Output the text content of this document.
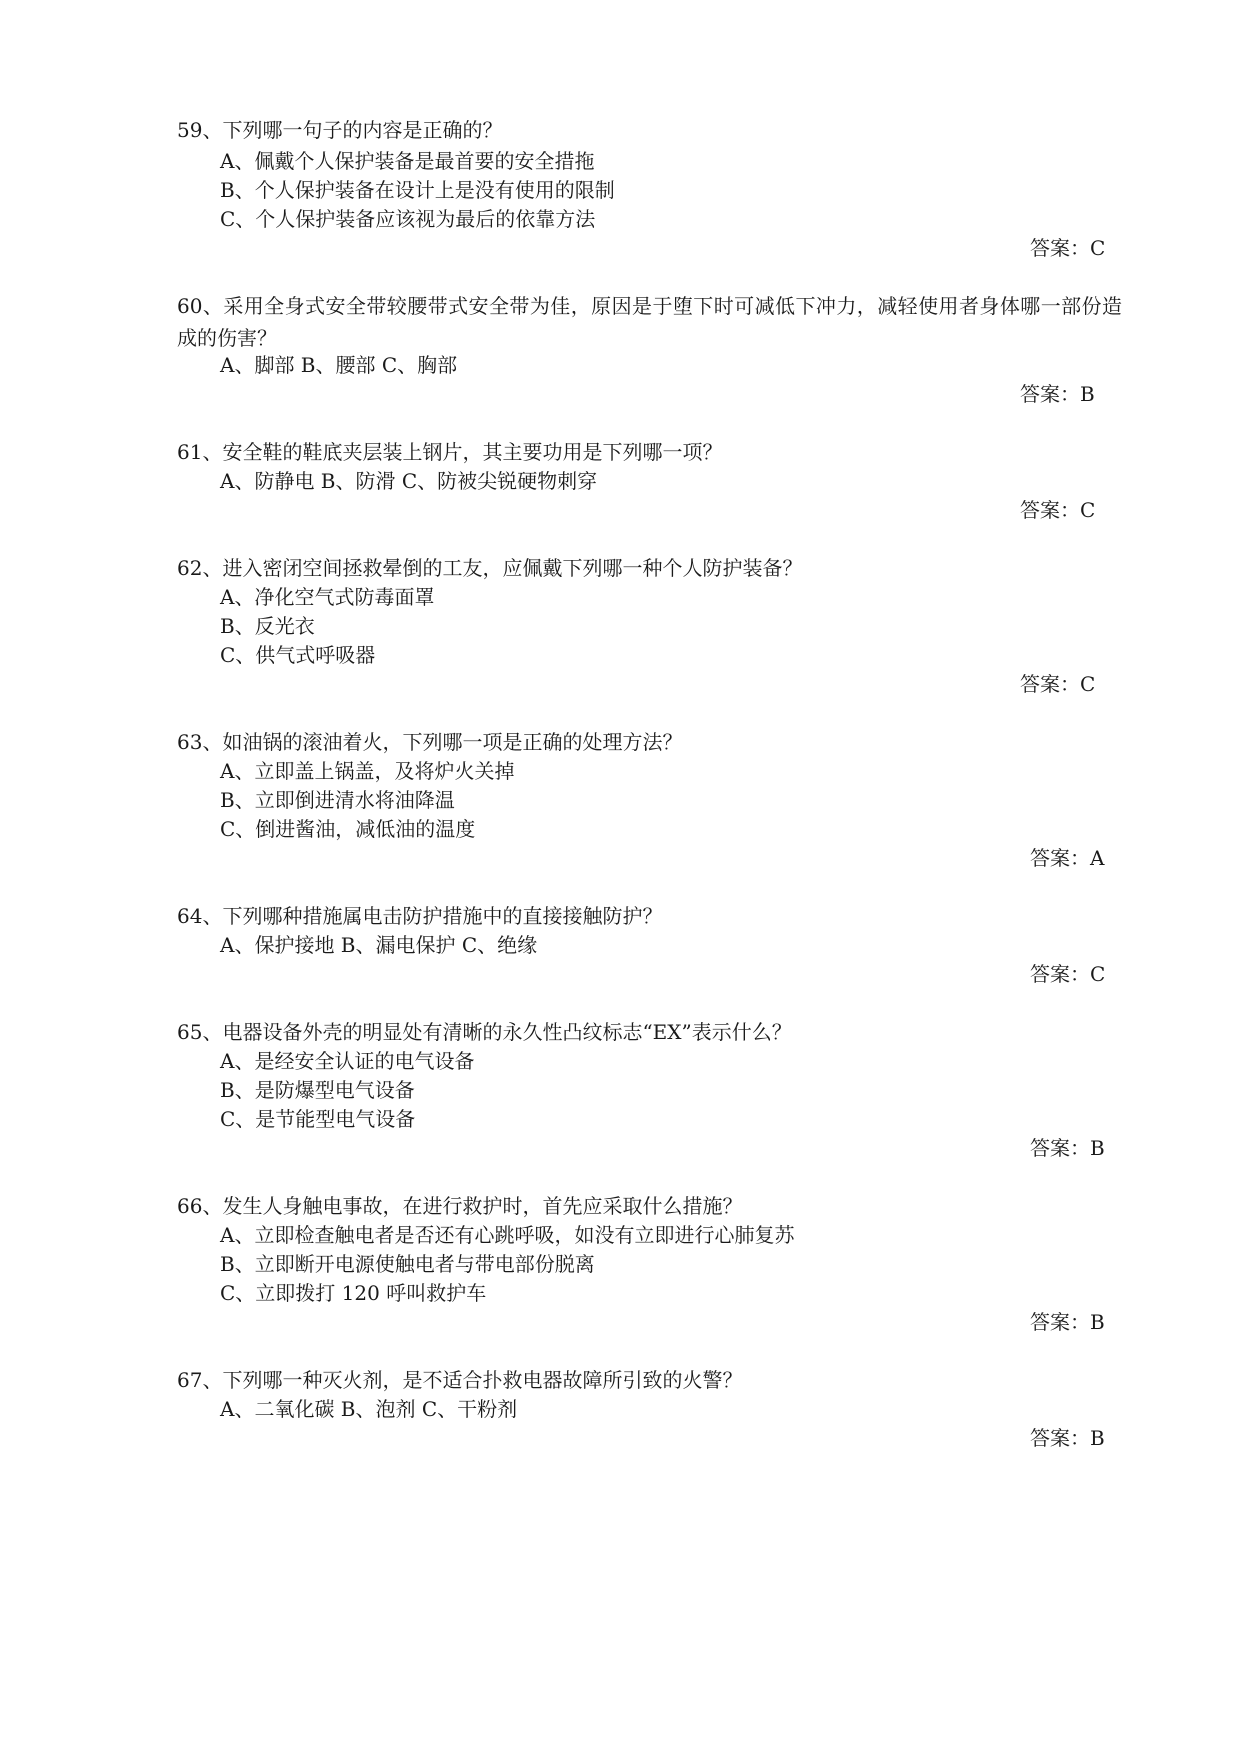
59、下列哪一句子的内容是正确的？
A、佩戴个人保护装备是最首要的安全措拖
B、个人保护装备在设计上是没有使用的限制
C、个人保护装备应该视为最后的依靠方法
答案：C
60、采用全身式安全带较腰带式安全带为佳，原因是于堕下时可减低下冲力，减轻使用者身体哪一部份造成的伤害？
A、脚部 B、腰部 C、胸部
答案：B
61、安全鞋的鞋底夹层装上钢片，其主要功用是下列哪一项？
A、防静电 B、防滑 C、防被尖锐硬物刺穿
答案：C
62、进入密闭空间拯救晕倒的工友，应佩戴下列哪一种个人防护装备？
A、净化空气式防毒面罩
B、反光衣
C、供气式呼吸器
答案：C
63、如油锅的滚油着火，下列哪一项是正确的处理方法？
A、立即盖上锅盖，及将炉火关掉
B、立即倒进清水将油降温
C、倒进酱油，减低油的温度
答案：A
64、下列哪种措施属电击防护措施中的直接接触防护？
A、保护接地 B、漏电保护 C、绝缘
答案：C
65、电器设备外壳的明显处有清晰的永久性凸纹标志“EX”表示什么？
A、是经安全认证的电气设备
B、是防爆型电气设备
C、是节能型电气设备
答案：B
66、发生人身触电事故，在进行救护时，首先应采取什么措施？
A、立即检查触电者是否还有心跳呼吸，如没有立即进行心肺复苏
B、立即断开电源使触电者与带电部份脱离
C、立即拨打 120 呼叫救护车
答案：B
67、下列哪一种灭火剂，是不适合扑救电器故障所引致的火警？
A、二氧化碳 B、泡剂 C、干粉剂
答案：B
